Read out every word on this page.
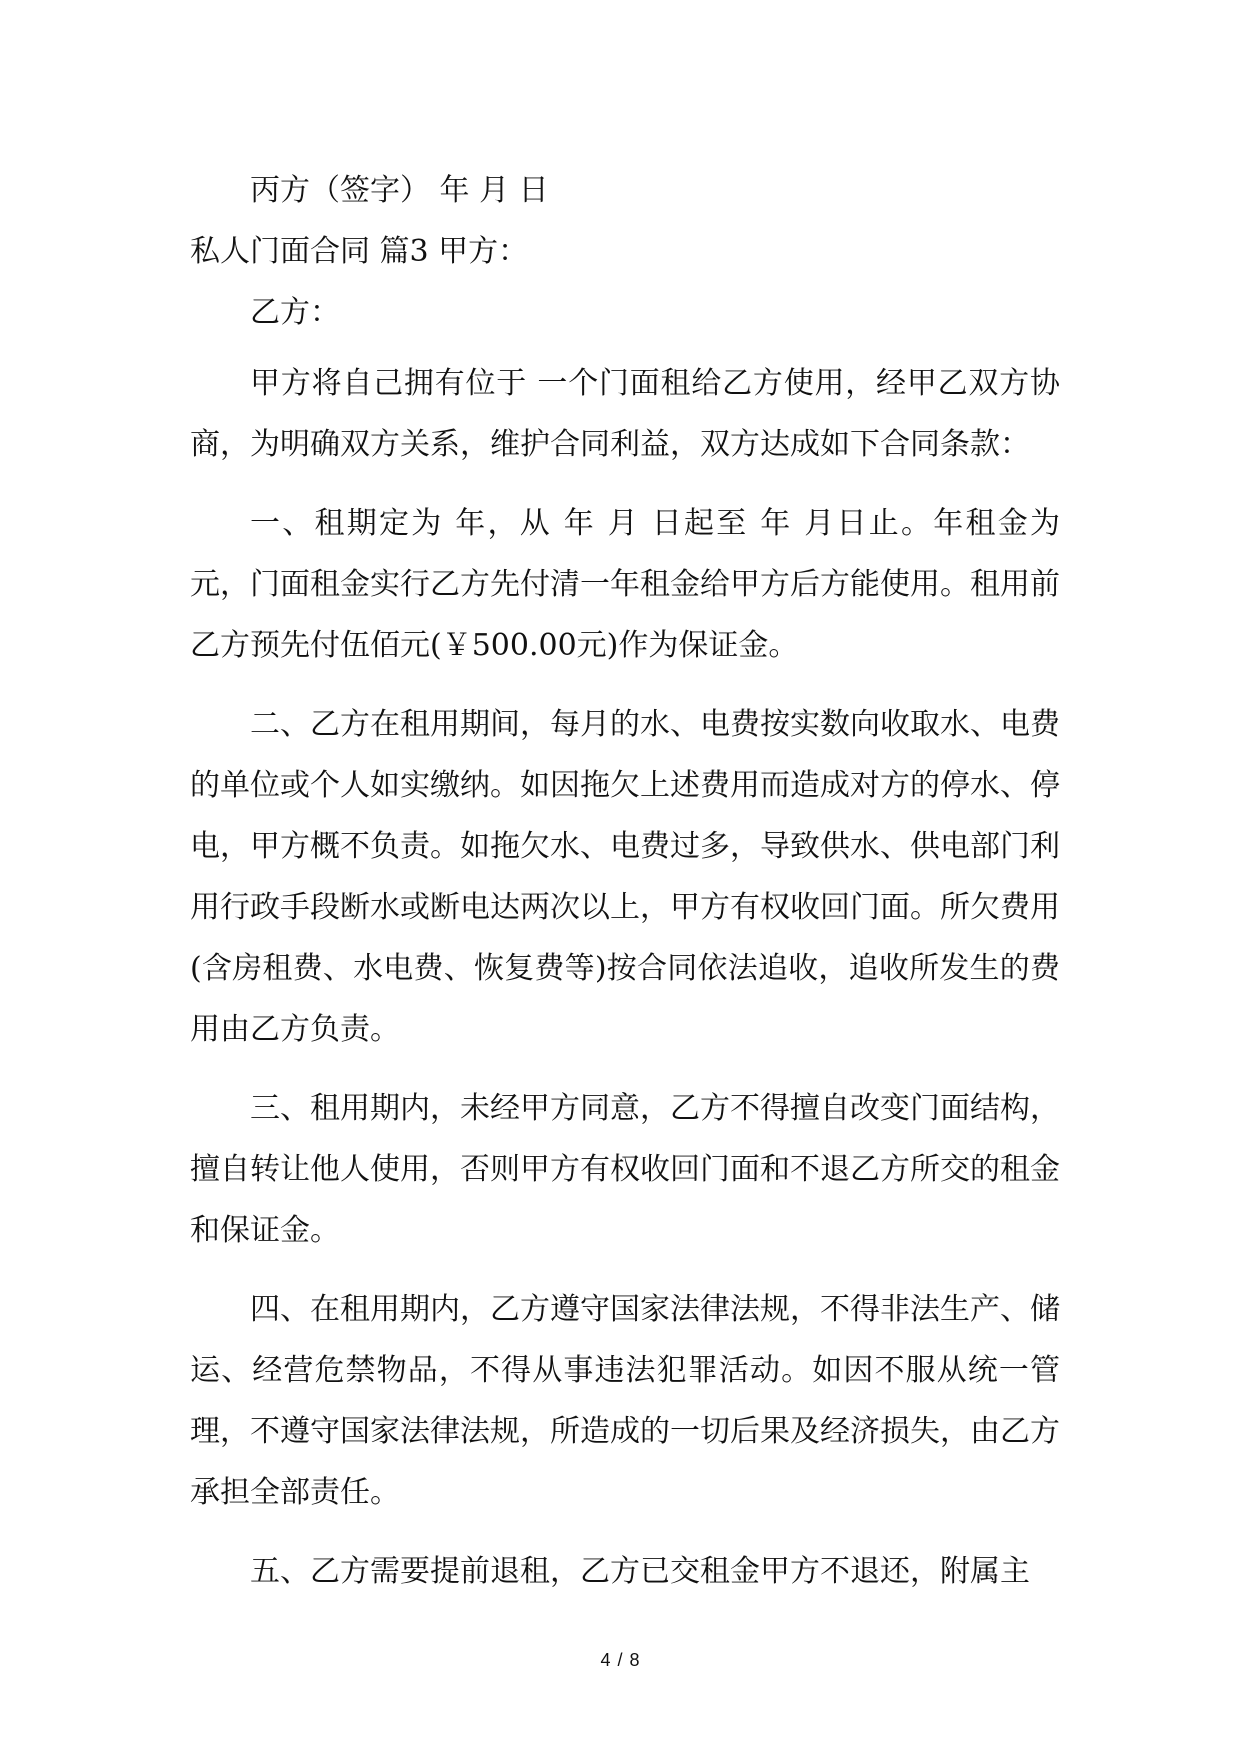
丙方（签字） 年 月 日
私人门面合同 篇3 甲方：
乙方：
甲方将自己拥有位于 一个门面租给乙方使用，经甲乙双方协商，为明确双方关系，维护合同利益，双方达成如下合同条款：
一、租期定为 年，从 年 月 日起至 年 月日止。年租金为 元，门面租金实行乙方先付清一年租金给甲方后方能使用。租用前乙方预先付伍佰元(￥500.00元)作为保证金。
二、乙方在租用期间，每月的水、电费按实数向收取水、电费的单位或个人如实缴纳。如因拖欠上述费用而造成对方的停水、停电，甲方概不负责。如拖欠水、电费过多，导致供水、供电部门利用行政手段断水或断电达两次以上，甲方有权收回门面。所欠费用(含房租费、水电费、恢复费等)按合同依法追收，追收所发生的费用由乙方负责。
三、租用期内，未经甲方同意，乙方不得擅自改变门面结构，擅自转让他人使用，否则甲方有权收回门面和不退乙方所交的租金和保证金。
四、在租用期内，乙方遵守国家法律法规，不得非法生产、储运、经营危禁物品，不得从事违法犯罪活动。如因不服从统一管理，不遵守国家法律法规，所造成的一切后果及经济损失，由乙方承担全部责任。
五、乙方需要提前退租，乙方已交租金甲方不退还，附属主
4 / 8
